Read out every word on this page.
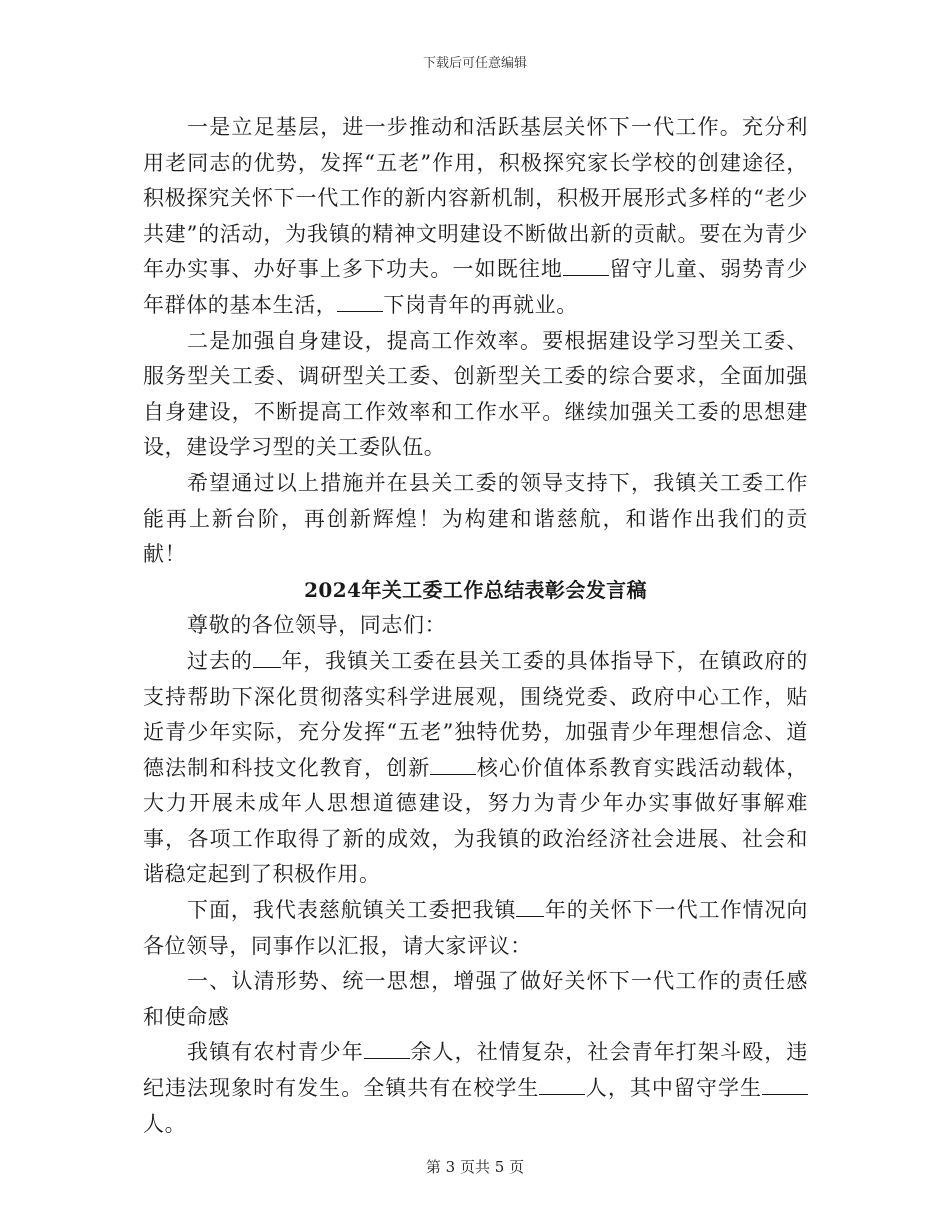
下载后可任意编辑

一是立足基层，进一步推动和活跃基层关怀下一代工作。充分利用老同志的优势，发挥“五老”作用，积极探究家长学校的创建途径，积极探究关怀下一代工作的新内容新机制，积极开展形式多样的“老少共建”的活动，为我镇的精神文明建设不断做出新的贡献。要在为青少年办实事、办好事上多下功夫。一如既往地 留守儿童、弱势青少年群体的基本生活， 下岗青年的再就业。

二是加强自身建设，提高工作效率。要根据建设学习型关工委、服务型关工委、调研型关工委、创新型关工委的综合要求，全面加强自身建设，不断提高工作效率和工作水平。继续加强关工委的思想建设，建设学习型的关工委队伍。

希望通过以上措施并在县关工委的领导支持下，我镇关工委工作能再上新台阶，再创新辉煌！为构建和谐慈航，和谐作出我们的贡献！

2024年关工委工作总结表彰会发言稿

尊敬的各位领导，同志们：

过去的 年，我镇关工委在县关工委的具体指导下，在镇政府的支持帮助下深化贯彻落实科学进展观，围绕党委、政府中心工作，贴近青少年实际，充分发挥“五老”独特优势，加强青少年理想信念、道德法制和科技文化教育，创新 核心价值体系教育实践活动载体，大力开展未成年人思想道德建设，努力为青少年办实事做好事解难事，各项工作取得了新的成效，为我镇的政治经济社会进展、社会和谐稳定起到了积极作用。

下面，我代表慈航镇关工委把我镇 年的关怀下一代工作情况向各位领导，同事作以汇报，请大家评议：

一、认清形势、统一思想，增强了做好关怀下一代工作的责任感和使命感

我镇有农村青少年 余人，社情复杂，社会青年打架斗殴，违纪违法现象时有发生。全镇共有在校学生 人，其中留守学生人。

第 3 页共 5 页
